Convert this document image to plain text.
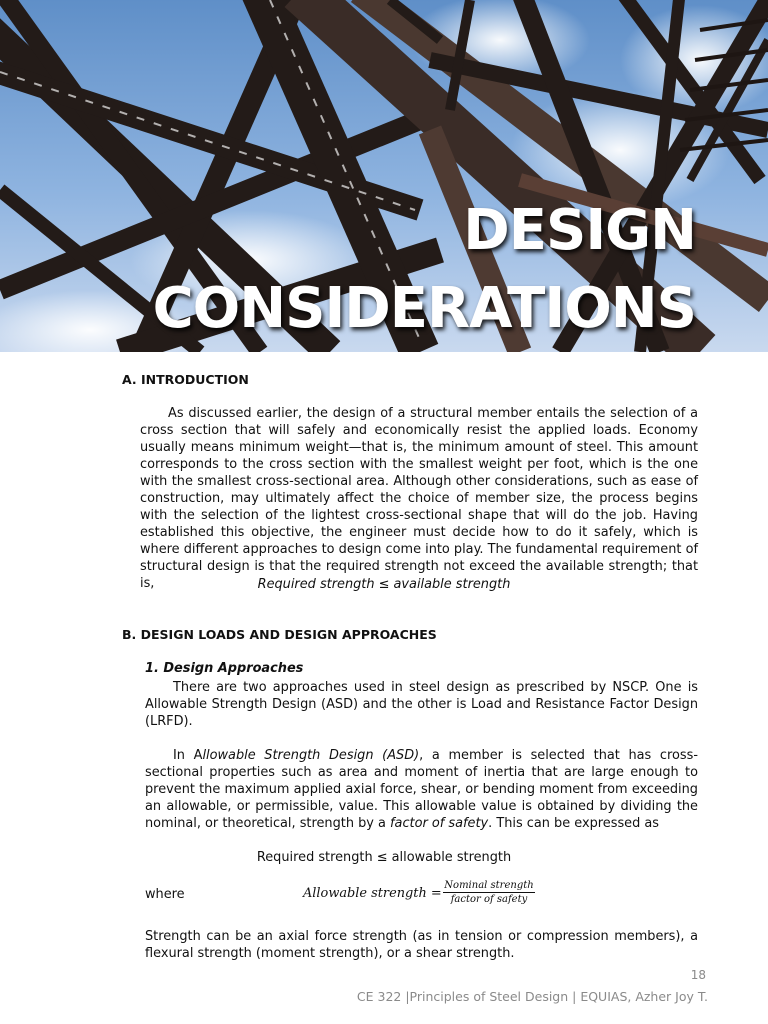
DESIGN
CONSIDERATIONS
A. INTRODUCTION

As discussed earlier, the design of a structural member entails the selection of a cross section that will safely and economically resist the applied loads. Economy usually means minimum weight—that is, the minimum amount of steel. This amount corresponds to the cross section with the smallest weight per foot, which is the one with the smallest cross-sectional area. Although other considerations, such as ease of construction, may ultimately affect the choice of member size, the process begins with the selection of the lightest cross-sectional shape that will do the job. Having established this objective, the engineer must decide how to do it safely, which is where different approaches to design come into play. The fundamental requirement of structural design is that the required strength not exceed the available strength; that is,	Required strength ≤ available strength
B. DESIGN LOADS AND DESIGN APPROACHES
1. Design Approaches

There are two approaches used in steel design as prescribed by NSCP. One is Allowable Strength Design (ASD) and the other is Load and Resistance Factor Design (LRFD).

In Allowable Strength Design (ASD), a member is selected that has cross-sectional properties such as area and moment of inertia that are large enough to prevent the maximum applied axial force, shear, or bending moment from exceeding an allowable, or permissible, value. This allowable value is obtained by dividing the nominal, or theoretical, strength by a factor of safety. This can be expressed as

Required strength ≤ allowable strength
where	Allowable strength =
Nominal strength
factor of safety

Strength can be an axial force strength (as in tension or compression members), a flexural strength (moment strength), or a shear strength.

18
CE 322 |Principles of Steel Design | EQUIAS, Azher Joy T.
